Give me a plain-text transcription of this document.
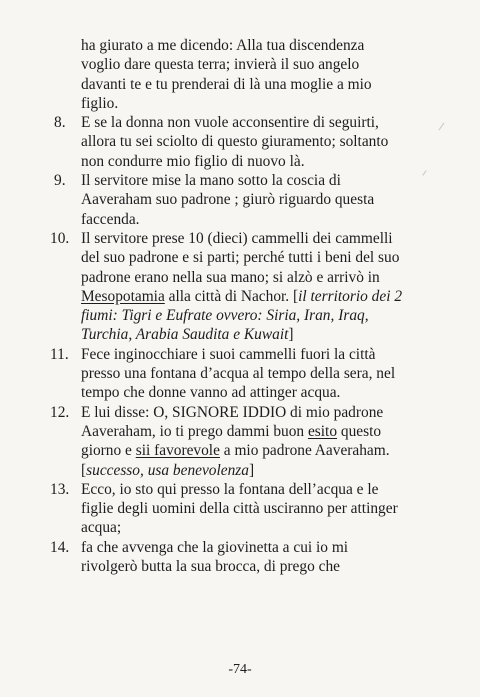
ha giurato a me dicendo: Alla tua discendenza voglio dare questa terra; invierà il suo angelo davanti te e tu prenderai di là una moglie a mio figlio.
8. E se la donna non vuole acconsentire di seguirti, allora tu sei sciolto di questo giuramento; soltanto non condurre mio figlio di nuovo là.
9. Il servitore mise la mano sotto la coscia di Aaveraham suo padrone ; giurò riguardo questa faccenda.
10. Il servitore prese 10 (dieci) cammelli dei cammelli del suo padrone e si parti; perché tutti i beni del suo padrone erano nella sua mano; si alzò e arrivò in Mesopotamia alla città di Nachor. [il territorio dei 2 fiumi: Tigri e Eufrate ovvero: Siria, Iran, Iraq, Turchia, Arabia Saudita e Kuwait]
11. Fece inginocchiare i suoi cammelli fuori la città presso una fontana d’acqua al tempo della sera, nel tempo che donne vanno ad attinger acqua.
12. E lui disse: O, SIGNORE IDDIO di mio padrone Aaveraham, io ti prego dammi buon esito questo giorno e sii favorevole a mio padrone Aaveraham. [successo, usa benevolenza]
13. Ecco, io sto qui presso la fontana dell’acqua e le figlie degli uomini della città usciranno per attinger acqua;
14. fa che avvenga che la giovinetta a cui io mi rivolgerò butta la sua brocca, di prego che
-74-
